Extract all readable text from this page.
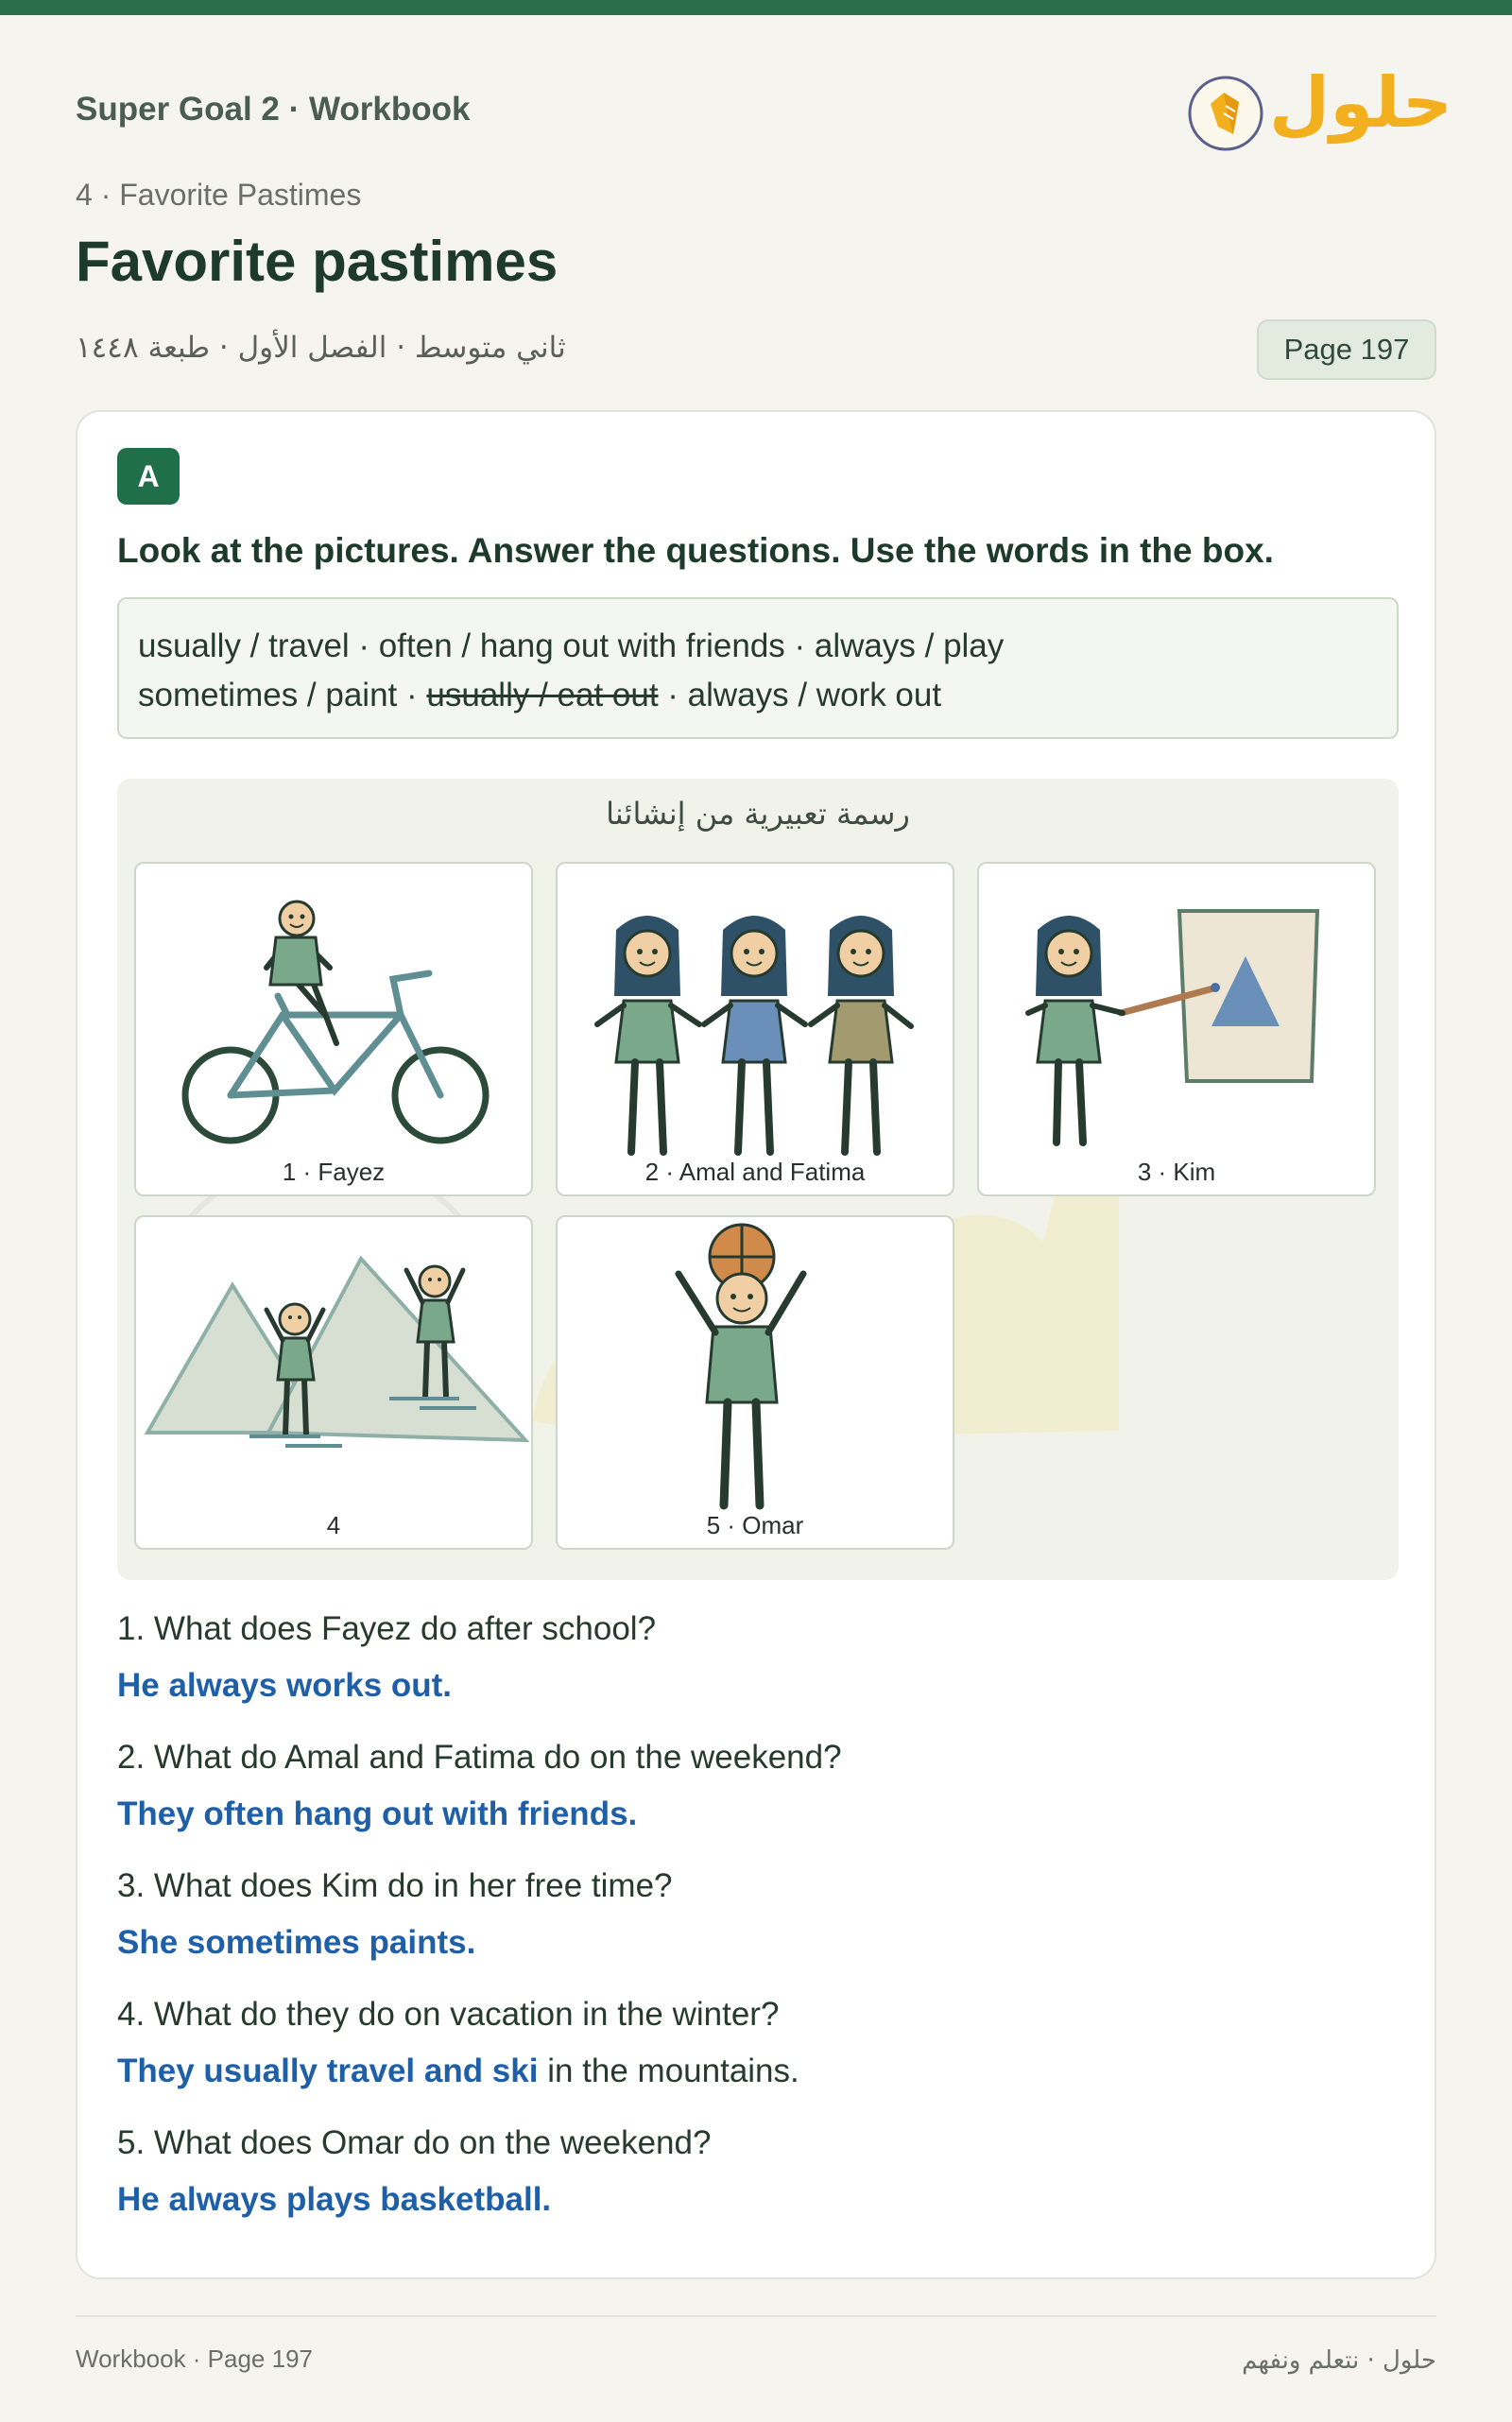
Super Goal 2 · Workbook	حلول
4 · Favorite Pastimes
Favorite pastimes
ثاني متوسط · الفصل الأول · طبعة ١٤٤٨	Page 197
A
Look at the pictures. Answer the questions. Use the words in the box.
usually / travel · often / hang out with friends · always / play
sometimes / paint · usually / eat out · always / work out
رسمة تعبيرية من إنشائنا
1 · Fayez	2 · Amal and Fatima	3 · Kim
4	5 · Omar
1. What does Fayez do after school?
He always works out.
2. What do Amal and Fatima do on the weekend?
They often hang out with friends.
3. What does Kim do in her free time?
She sometimes paints.
4. What do they do on vacation in the winter?
They usually travel and ski in the mountains.
5. What does Omar do on the weekend?
He always plays basketball.
Workbook · Page 197	حلول · نتعلم ونفهم
